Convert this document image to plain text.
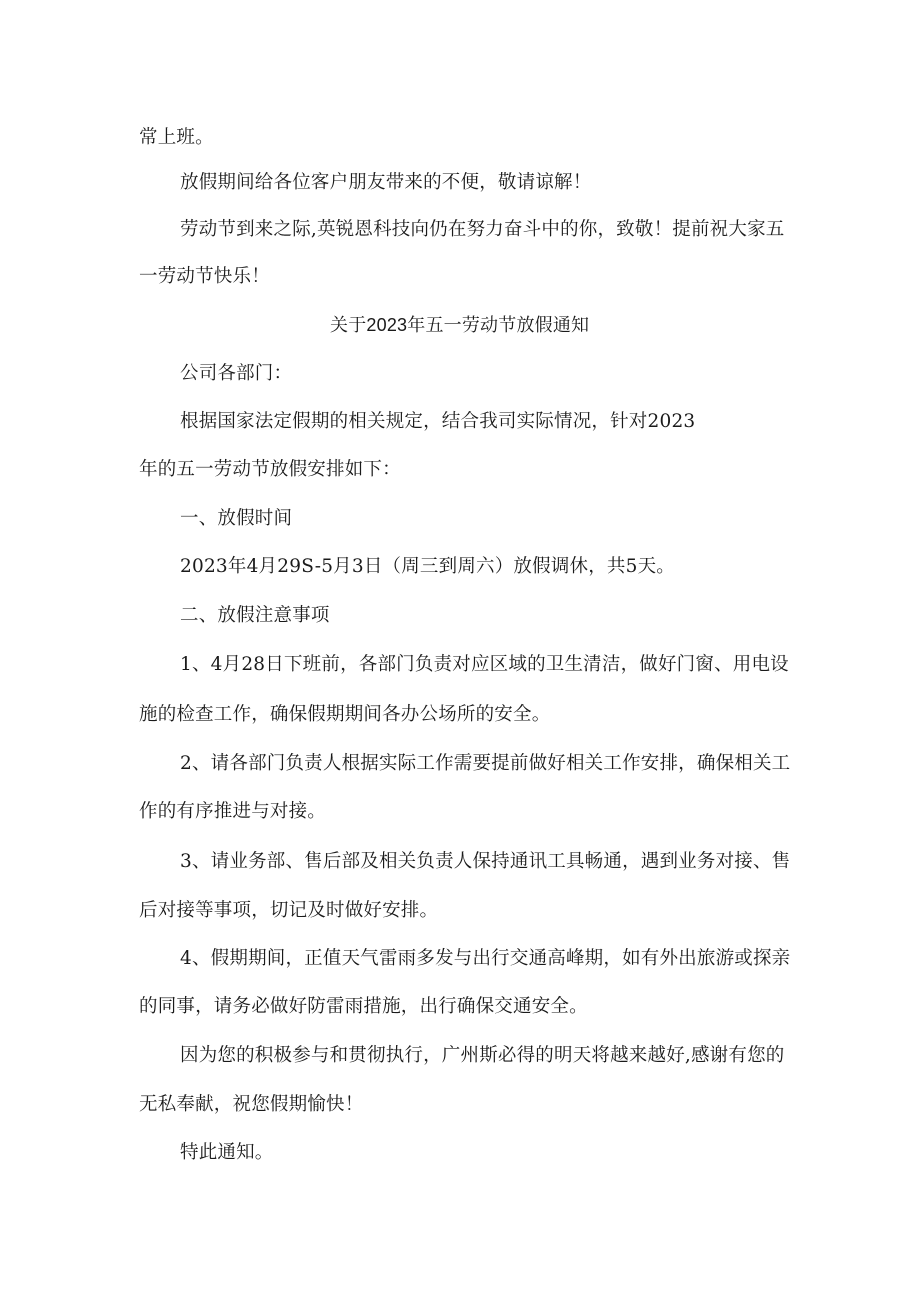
常上班。
放假期间给各位客户朋友带来的不便，敬请谅解！
劳动节到来之际,英锐恩科技向仍在努力奋斗中的你，致敬！提前祝大家五
一劳动节快乐！
关于2023年五一劳动节放假通知
公司各部门：
根据国家法定假期的相关规定，结合我司实际情况，针对2023
年的五一劳动节放假安排如下：
一、放假时间
2023年4月29S-5月3日（周三到周六）放假调休，共5天。
二、放假注意事项
1、4月28日下班前，各部门负责对应区域的卫生清洁，做好门窗、用电设
施的检查工作，确保假期期间各办公场所的安全。
2、请各部门负责人根据实际工作需要提前做好相关工作安排，确保相关工
作的有序推进与对接。
3、请业务部、售后部及相关负责人保持通讯工具畅通，遇到业务对接、售
后对接等事项，切记及时做好安排。
4、假期期间，正值天气雷雨多发与出行交通高峰期，如有外出旅游或探亲
的同事，请务必做好防雷雨措施，出行确保交通安全。
因为您的积极参与和贯彻执行，广州斯必得的明天将越来越好,感谢有您的
无私奉献，祝您假期愉快！
特此通知。
